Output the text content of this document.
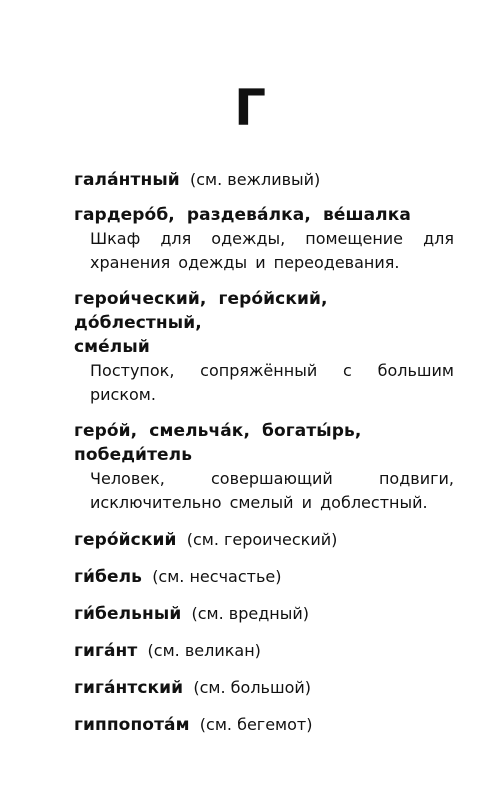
Г
гала́нтный (см. вежливый)
гардеро́б,  раздева́лка,  ве́шалка
Шкаф для одежды, помещение для хранения одежды и переодевания.
герои́ческий,  геро́йский,  до́блестный,
сме́лый
Поступок, сопряжённый с большим риском.
геро́й,  смельча́к,  богаты́рь,
победи́тель
Человек, совершающий подвиги, исключительно смелый и доблестный.
геро́йский (см. героический)
ги́бель (см. несчастье)
ги́бельный (см. вредный)
гига́нт (см. великан)
гига́нтский (см. большой)
гиппопота́м (см. бегемот)
